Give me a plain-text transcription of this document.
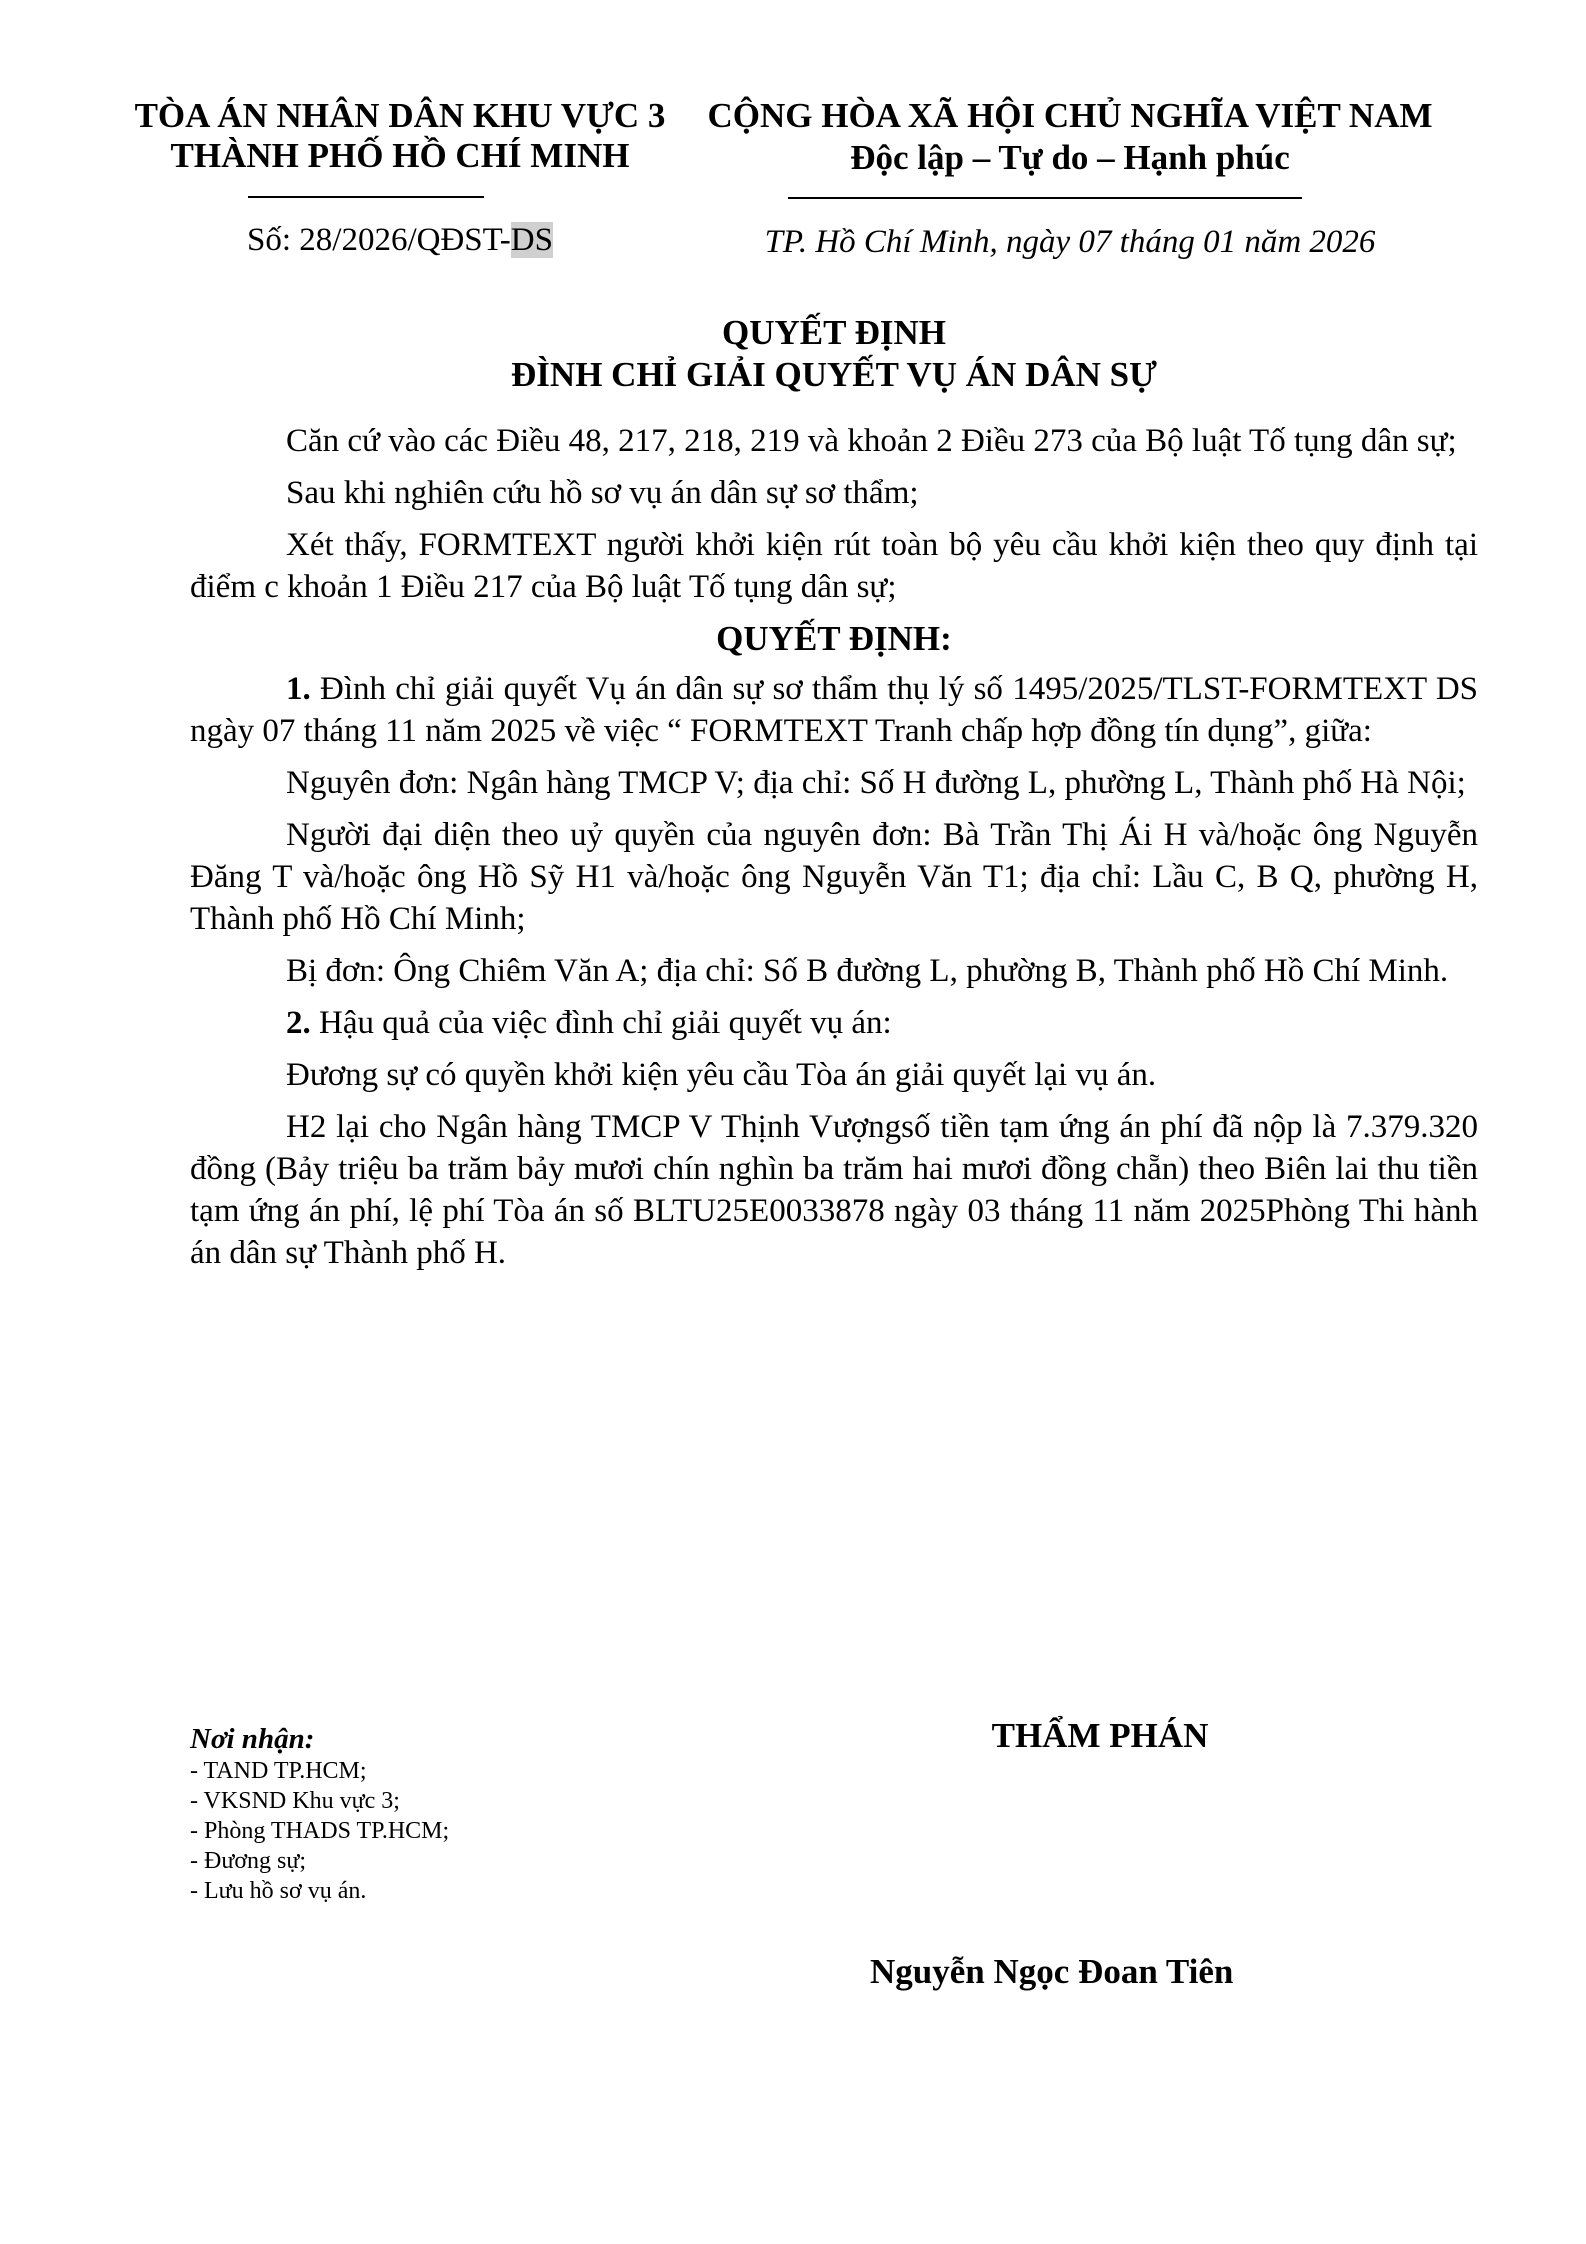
TÒA ÁN NHÂN DÂN KHU VỰC 3
THÀNH PHỐ HỒ CHÍ MINH
Số: 28/2026/QĐST-DS
CỘNG HÒA XÃ HỘI CHỦ NGHĨA VIỆT NAM
Độc lập – Tự do – Hạnh phúc
TP. Hồ Chí Minh, ngày 07 tháng 01 năm 2026
QUYẾT ĐỊNH
ĐÌNH CHỈ GIẢI QUYẾT VỤ ÁN DÂN SỰ

Căn cứ vào các Điều 48, 217, 218, 219 và khoản 2 Điều 273 của Bộ luật Tố tụng dân sự;

Sau khi nghiên cứu hồ sơ vụ án dân sự sơ thẩm;

Xét thấy, FORMTEXT người khởi kiện rút toàn bộ yêu cầu khởi kiện theo quy định tại điểm c khoản 1 Điều 217 của Bộ luật Tố tụng dân sự;

QUYẾT ĐỊNH:

1. Đình chỉ giải quyết Vụ án dân sự sơ thẩm thụ lý số 1495/2025/TLST-FORMTEXT DS ngày 07 tháng 11 năm 2025 về việc “ FORMTEXT Tranh chấp hợp đồng tín dụng”, giữa:

Nguyên đơn: Ngân hàng TMCP V; địa chỉ: Số H đường L, phường L, Thành phố Hà Nội;

Người đại diện theo uỷ quyền của nguyên đơn: Bà Trần Thị Ái H và/hoặc ông Nguyễn Đăng T và/hoặc ông Hồ Sỹ H1 và/hoặc ông Nguyễn Văn T1; địa chỉ: Lầu C, B Q, phường H, Thành phố Hồ Chí Minh;

Bị đơn: Ông Chiêm Văn A; địa chỉ: Số B đường L, phường B, Thành phố Hồ Chí Minh.

2. Hậu quả của việc đình chỉ giải quyết vụ án:

Đương sự có quyền khởi kiện yêu cầu Tòa án giải quyết lại vụ án.

H2 lại cho Ngân hàng TMCP V Thịnh Vượngsố tiền tạm ứng án phí đã nộp là 7.379.320 đồng (Bảy triệu ba trăm bảy mươi chín nghìn ba trăm hai mươi đồng chẵn) theo Biên lai thu tiền tạm ứng án phí, lệ phí Tòa án số BLTU25E0033878 ngày 03 tháng 11 năm 2025Phòng Thi hành án dân sự Thành phố H.

Nơi nhận:
- TAND TP.HCM;
- VKSND Khu vực 3;
- Phòng THADS TP.HCM;
- Đương sự;
- Lưu hồ sơ vụ án.
THẨM PHÁN
Nguyễn Ngọc Đoan Tiên
